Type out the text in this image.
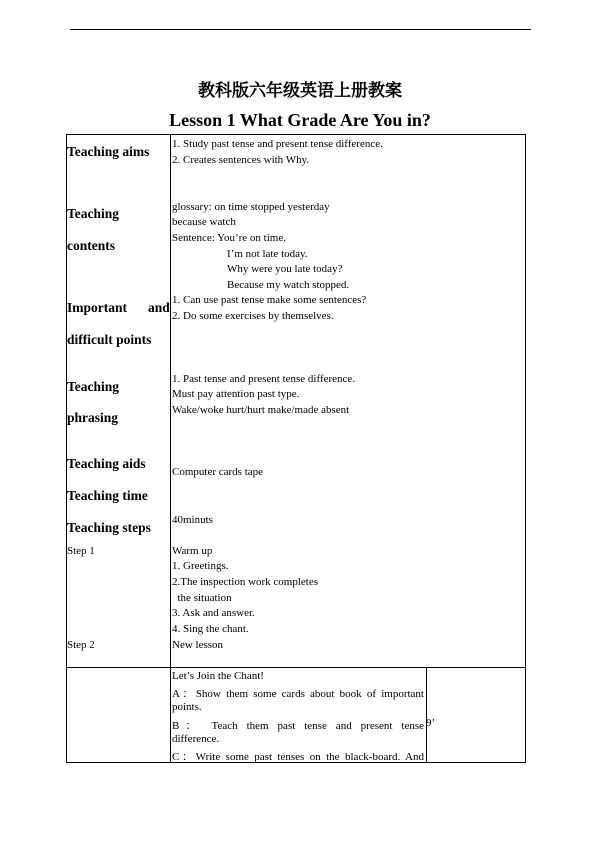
教科版六年级英语上册教案
Lesson 1 What Grade Are You in?
Teaching aims
Teaching
contents
Important and
difficult points
Teaching
phrasing
Teaching aids
Teaching time
Teaching steps
Step 1
Step 2
1. Study past tense and present tense difference.
2. Creates sentences with Why.
glossary: on time stopped yesterday
because watch
Sentence: You’re on time.
I’m not late today.
Why were you late today?
Because my watch stopped.
1. Can use past tense make some sentences?
2. Do some exercises by themselves.
1. Past tense and present tense difference.
Must pay attention past type.
Wake/woke hurt/hurt make/made absent
Computer cards tape
40minuts
Warm up
1. Greetings.
2.The inspection work completes
the situation
3. Ask and answer.
4. Sing the chant.
New lesson
Let’s Join the Chant!
A：Show them some cards about book of important
points.
B： Teach them past tense and present tense 9’
difference.
C：Write some past tenses on the black-board. And
